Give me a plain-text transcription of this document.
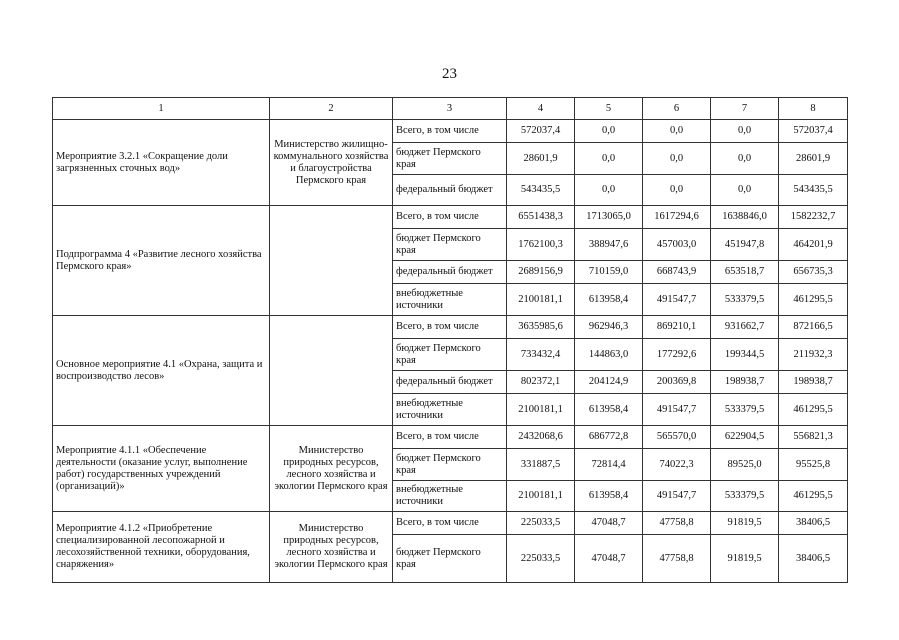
23
1	2	3	4	5	6	7	8
Мероприятие 3.2.1 «Сокращение доли загрязненных сточных вод»	Министерство жилищно-коммунального хозяйства и благоустройства Пермского края	Всего, в том числе	572037,4	0,0	0,0	0,0	572037,4
		бюджет Пермского края	28601,9	0,0	0,0	0,0	28601,9
		федеральный бюджет	543435,5	0,0	0,0	0,0	543435,5
Подпрограмма 4 «Развитие лесного хозяйства Пермского края»		Всего, в том числе	6551438,3	1713065,0	1617294,6	1638846,0	1582232,7
		бюджет Пермского края	1762100,3	388947,6	457003,0	451947,8	464201,9
		федеральный бюджет	2689156,9	710159,0	668743,9	653518,7	656735,3
		внебюджетные источники	2100181,1	613958,4	491547,7	533379,5	461295,5
Основное мероприятие 4.1 «Охрана, защита и воспроизводство лесов»		Всего, в том числе	3635985,6	962946,3	869210,1	931662,7	872166,5
		бюджет Пермского края	733432,4	144863,0	177292,6	199344,5	211932,3
		федеральный бюджет	802372,1	204124,9	200369,8	198938,7	198938,7
		внебюджетные источники	2100181,1	613958,4	491547,7	533379,5	461295,5
Мероприятие 4.1.1 «Обеспечение деятельности (оказание услуг, выполнение работ) государственных учреждений (организаций)»	Министерство природных ресурсов, лесного хозяйства и экологии Пермского края	Всего, в том числе	2432068,6	686772,8	565570,0	622904,5	556821,3
		бюджет Пермского края	331887,5	72814,4	74022,3	89525,0	95525,8
		внебюджетные источники	2100181,1	613958,4	491547,7	533379,5	461295,5
Мероприятие 4.1.2 «Приобретение специализированной лесопожарной и лесохозяйственной техники, оборудования, снаряжения»	Министерство природных ресурсов, лесного хозяйства и экологии Пермского края	Всего, в том числе	225033,5	47048,7	47758,8	91819,5	38406,5
		бюджет Пермского края	225033,5	47048,7	47758,8	91819,5	38406,5
